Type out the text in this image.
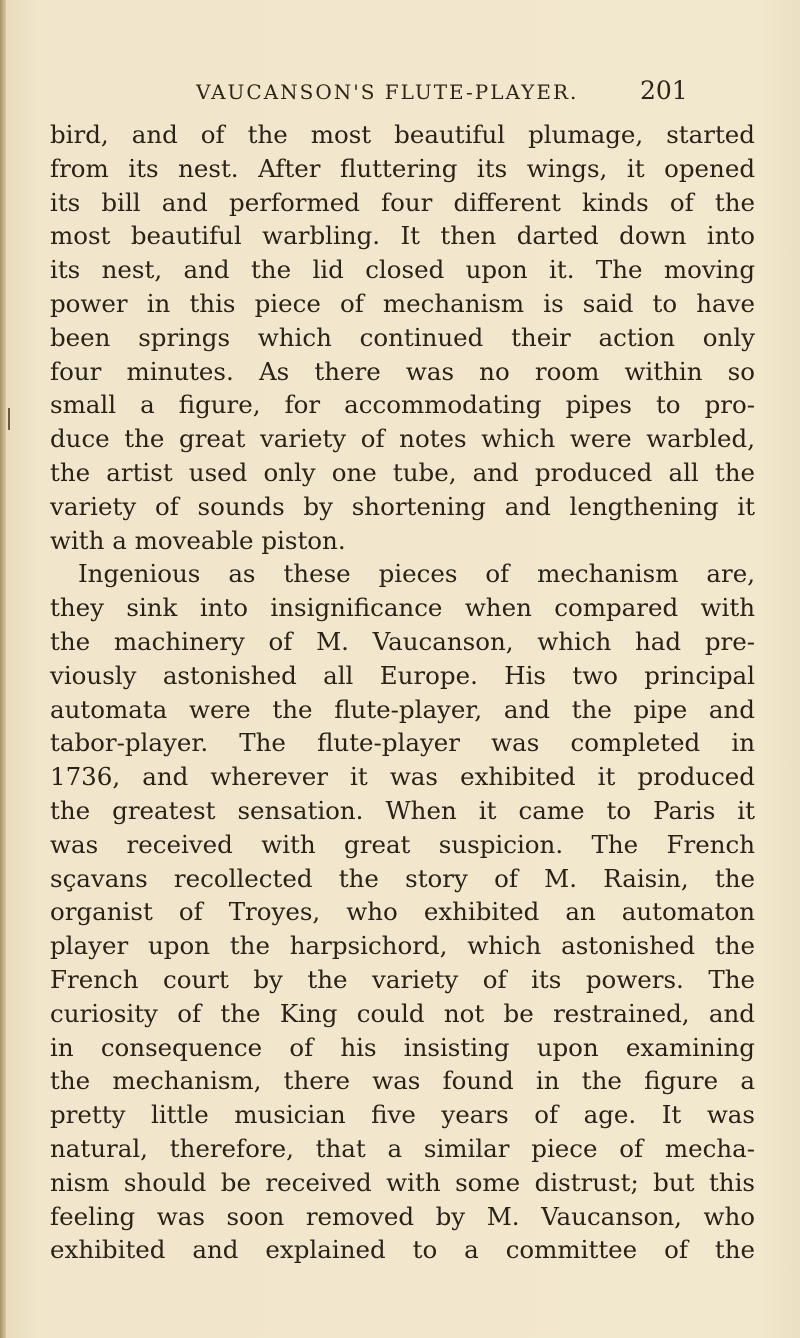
VAUCANSON'S FLUTE-PLAYER.	201
bird, and of the most beautiful plumage, started
from its nest. After fluttering its wings, it opened
its bill and performed four different kinds of the
most beautiful warbling. It then darted down into
its nest, and the lid closed upon it. The moving
power in this piece of mechanism is said to have
been springs which continued their action only
four minutes. As there was no room within so
small a figure, for accommodating pipes to pro-
duce the great variety of notes which were warbled,
the artist used only one tube, and produced all the
variety of sounds by shortening and lengthening it
with a moveable piston.
Ingenious as these pieces of mechanism are,
they sink into insignificance when compared with
the machinery of M. Vaucanson, which had pre-
viously astonished all Europe. His two principal
automata were the flute-player, and the pipe and
tabor-player. The flute-player was completed in
1736, and wherever it was exhibited it produced
the greatest sensation. When it came to Paris it
was received with great suspicion. The French
sçavans recollected the story of M. Raisin, the
organist of Troyes, who exhibited an automaton
player upon the harpsichord, which astonished the
French court by the variety of its powers. The
curiosity of the King could not be restrained, and
in consequence of his insisting upon examining
the mechanism, there was found in the figure a
pretty little musician five years of age. It was
natural, therefore, that a similar piece of mecha-
nism should be received with some distrust; but this
feeling was soon removed by M. Vaucanson, who
exhibited and explained to a committee of the
